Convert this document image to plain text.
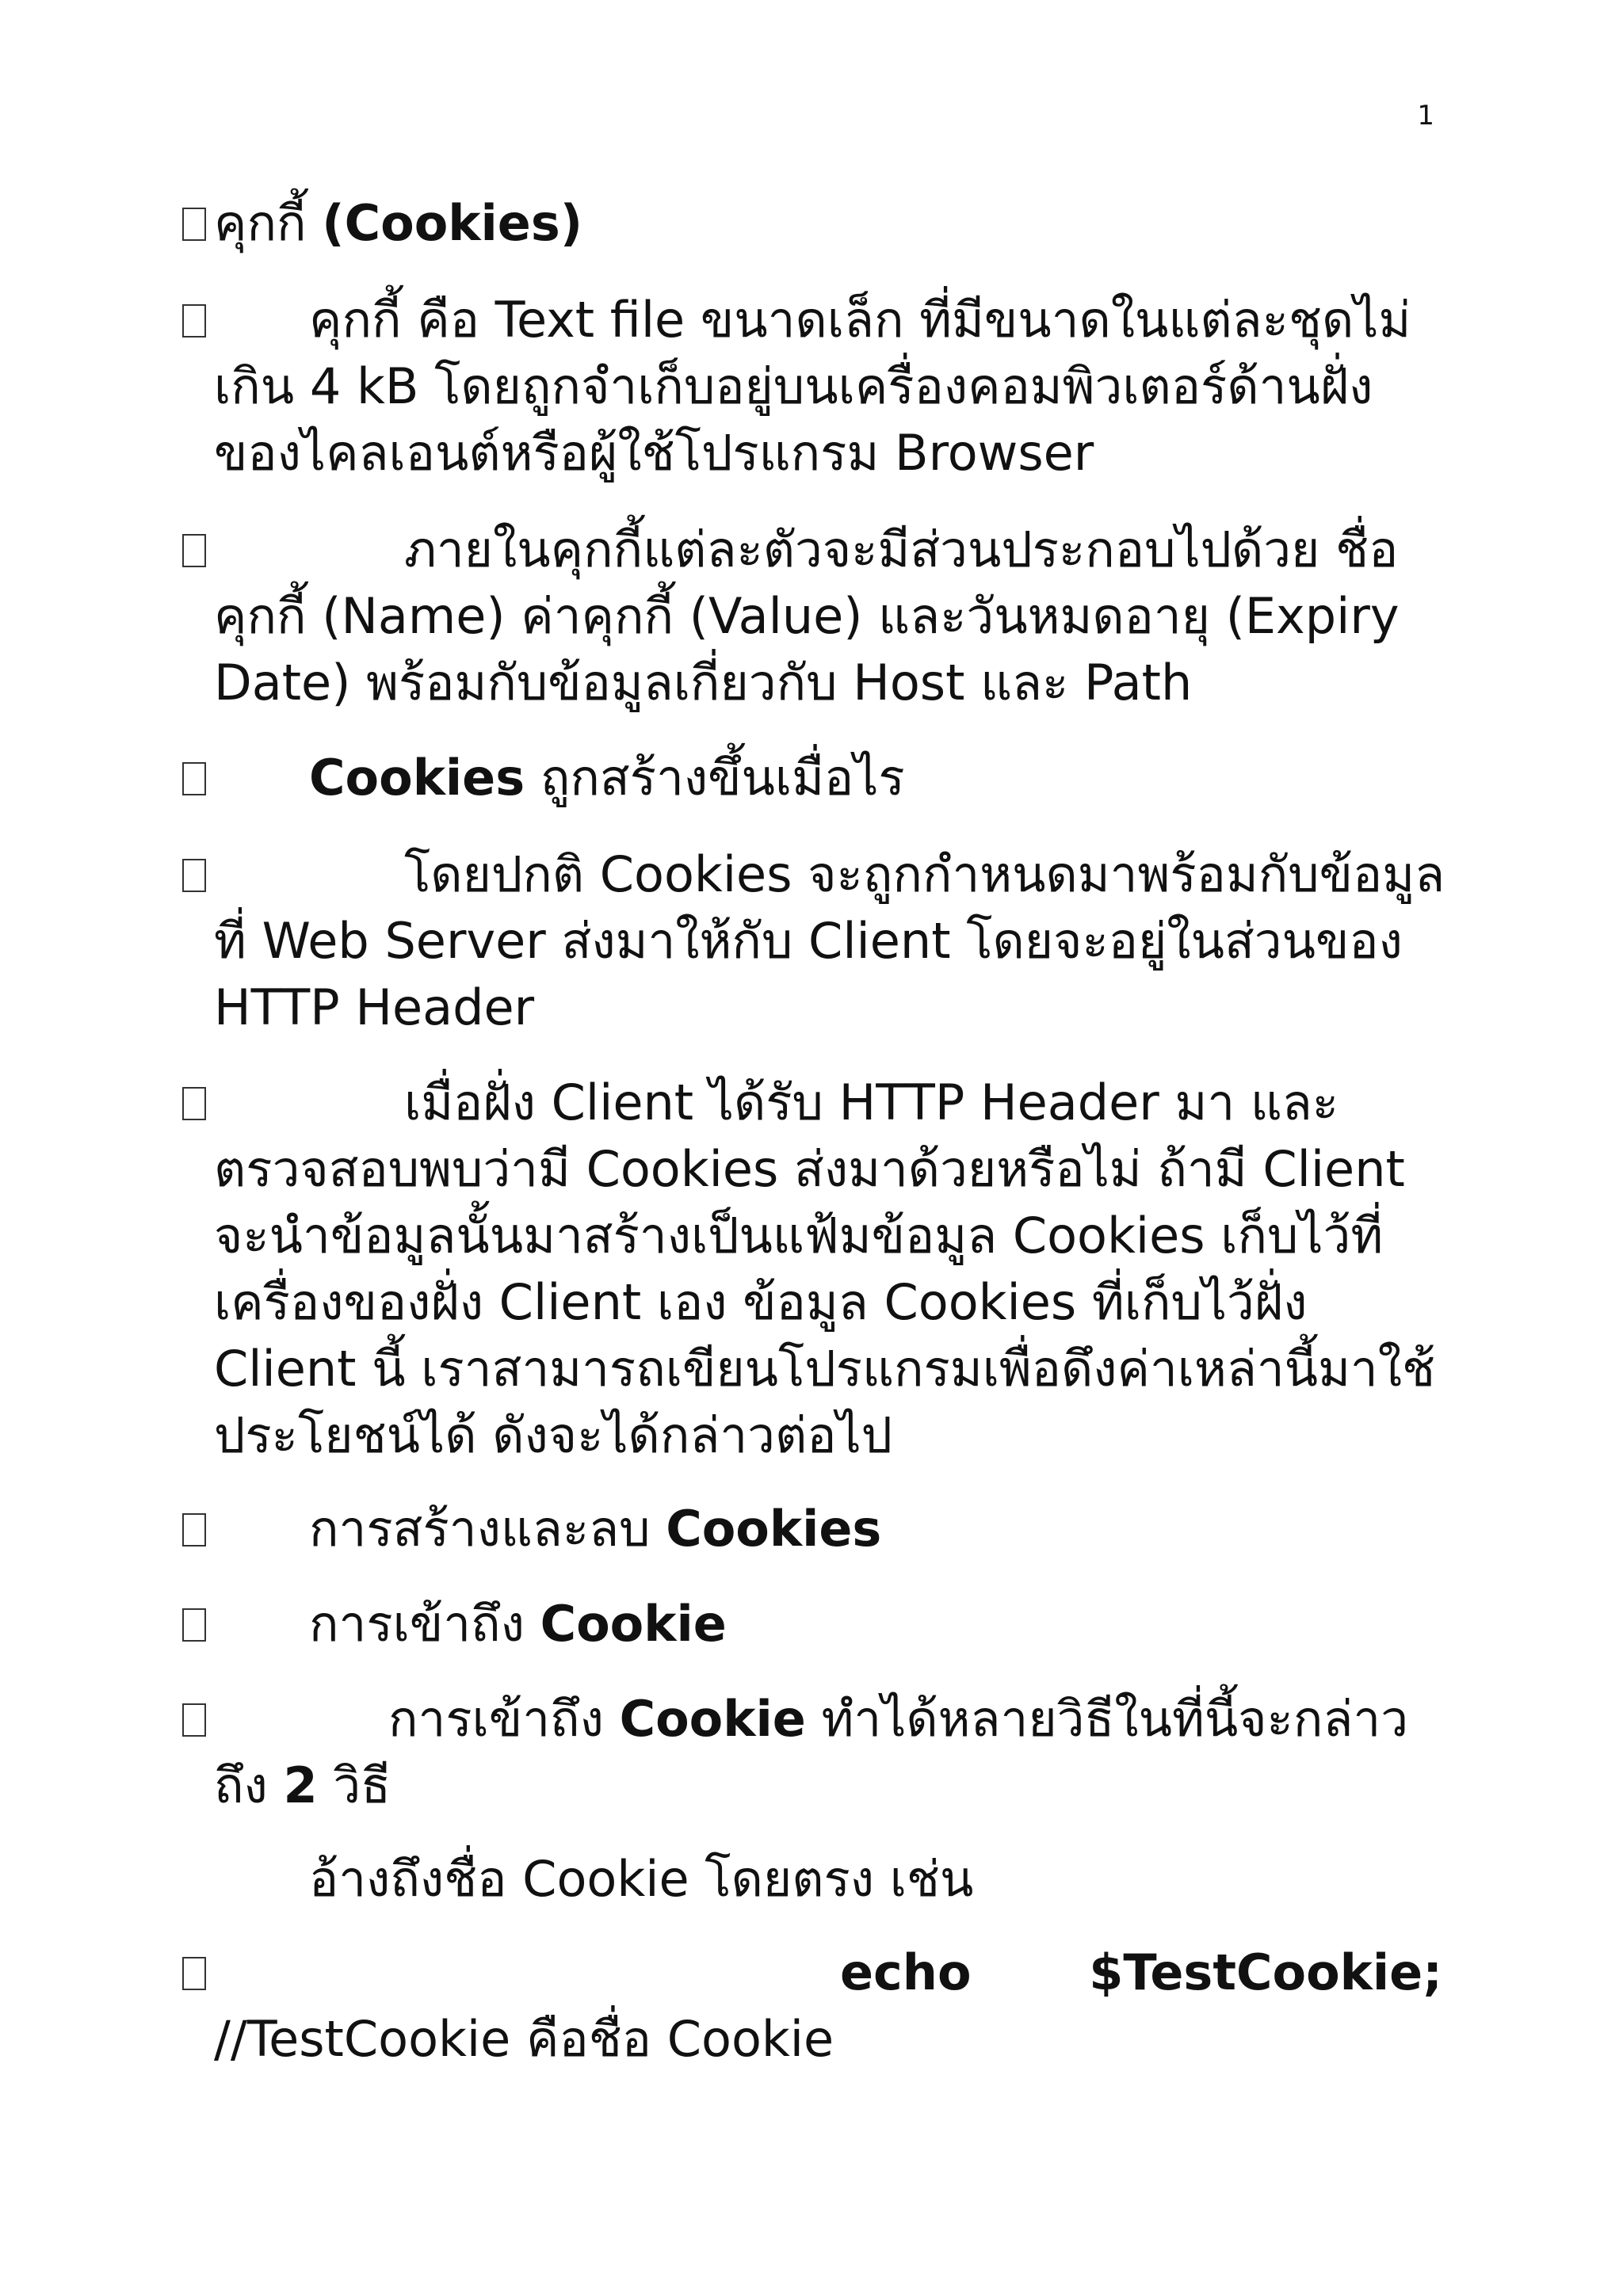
1
คุกกี้ (Cookies)
คุกกี้ คือ Text file ขนาดเล็ก ที่มีขนาดในแต่ละชุดไม่เกิน 4 kB โดยถูกจำเก็บอยู่บนเครื่องคอมพิวเตอร์ด้านฝั่งของไคลเอนต์หรือผู้ใช้โปรแกรม Browser
ภายในคุกกี้แต่ละตัวจะมีส่วนประกอบไปด้วย ชื่อคุกกี้ (Name) ค่าคุกกี้ (Value) และวันหมดอายุ (Expiry Date) พร้อมกับข้อมูลเกี่ยวกับ Host และ Path
Cookies ถูกสร้างขึ้นเมื่อไร
โดยปกติ Cookies จะถูกกำหนดมาพร้อมกับข้อมูลที่ Web Server ส่งมาให้กับ Client โดยจะอยู่ในส่วนของ HTTP Header
เมื่อฝั่ง Client ได้รับ HTTP Header มา และตรวจสอบพบว่ามี Cookies ส่งมาด้วยหรือไม่ ถ้ามี Client จะนำข้อมูลนั้นมาสร้างเป็นแฟ้มข้อมูล Cookies เก็บไว้ที่เครื่องของฝั่ง Client เอง ข้อมูล Cookies ที่เก็บไว้ฝั่ง Client นี้ เราสามารถเขียนโปรแกรมเพื่อดึงค่าเหล่านี้มาใช้ประโยชน์ได้ ดังจะได้กล่าวต่อไป
การสร้างและลบ Cookies
การเข้าถึง Cookie
การเข้าถึง Cookie ทำได้หลายวิธีในที่นี้จะกล่าวถึง 2 วิธี
อ้างถึงชื่อ Cookie โดยตรง เช่น
echo $TestCookie;
//TestCookie คือชื่อ Cookie
